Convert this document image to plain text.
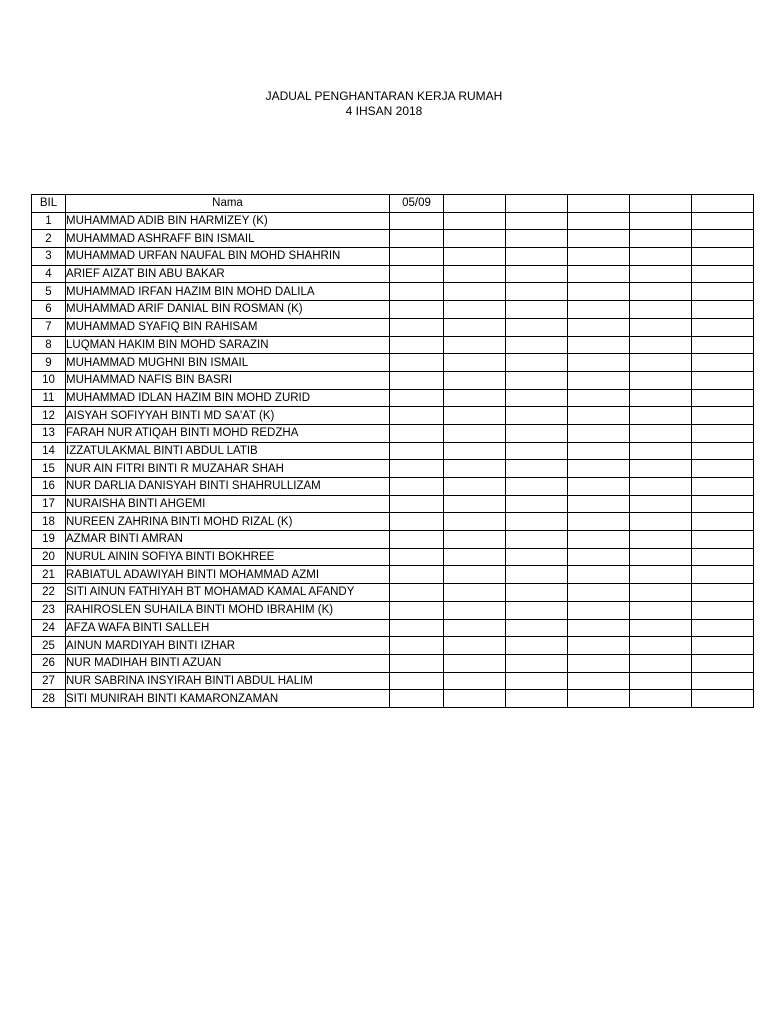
JADUAL PENGHANTARAN KERJA RUMAH
4 IHSAN 2018
BIL	Nama	05/09					
1	MUHAMMAD ADIB BIN HARMIZEY (K)						
2	MUHAMMAD ASHRAFF BIN ISMAIL						
3	MUHAMMAD URFAN NAUFAL BIN MOHD SHAHRIN						
4	ARIEF AIZAT BIN ABU BAKAR						
5	MUHAMMAD IRFAN HAZIM BIN MOHD DALILA						
6	MUHAMMAD ARIF DANIAL BIN ROSMAN (K)						
7	MUHAMMAD SYAFIQ BIN RAHISAM						
8	LUQMAN HAKIM BIN MOHD SARAZIN						
9	MUHAMMAD MUGHNI BIN ISMAIL						
10	MUHAMMAD NAFIS BIN BASRI						
11	MUHAMMAD IDLAN HAZIM BIN MOHD ZURID						
12	AISYAH SOFIYYAH BINTI MD SA'AT (K)						
13	FARAH NUR ATIQAH BINTI MOHD REDZHA						
14	IZZATULAKMAL BINTI ABDUL LATIB						
15	NUR AIN FITRI BINTI R MUZAHAR SHAH						
16	NUR DARLIA DANISYAH BINTI SHAHRULLIZAM						
17	NURAISHA BINTI AHGEMI						
18	NUREEN ZAHRINA BINTI MOHD RIZAL (K)						
19	AZMAR BINTI AMRAN						
20	NURUL AININ SOFIYA BINTI BOKHREE						
21	RABIATUL ADAWIYAH BINTI MOHAMMAD AZMI						
22	SITI AINUN FATHIYAH BT MOHAMAD KAMAL AFANDY						
23	RAHIROSLEN SUHAILA BINTI MOHD IBRAHIM (K)						
24	AFZA WAFA BINTI SALLEH						
25	AINUN MARDIYAH BINTI IZHAR						
26	NUR MADIHAH BINTI AZUAN						
27	NUR SABRINA INSYIRAH BINTI ABDUL HALIM						
28	SITI MUNIRAH BINTI KAMARONZAMAN						
